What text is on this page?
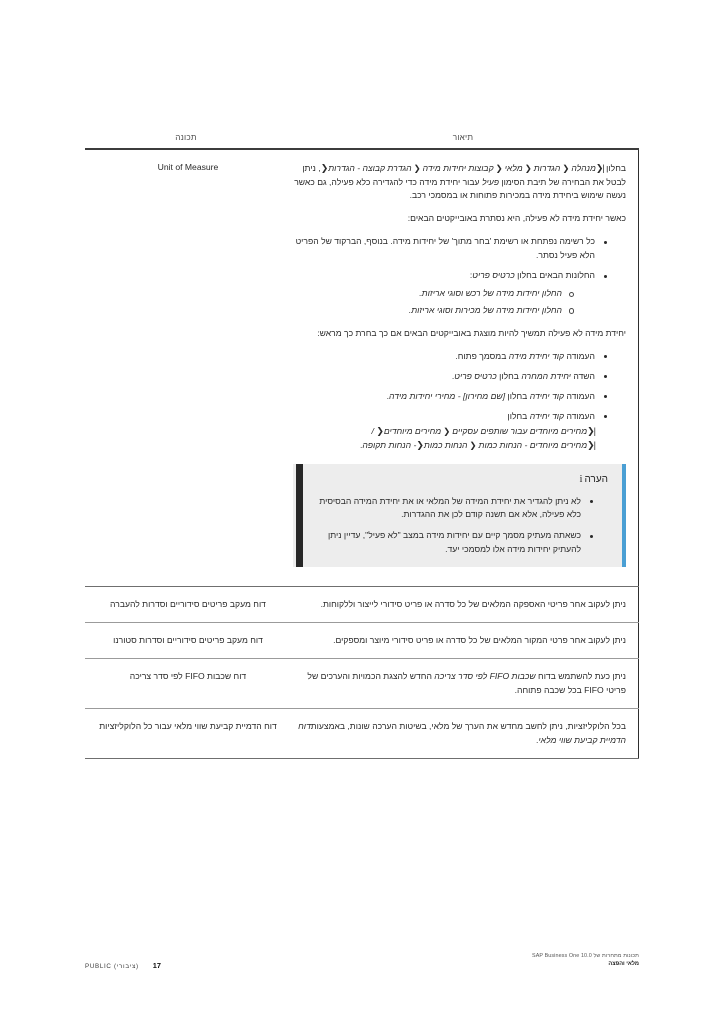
תיאור
תכונה

בחלון |❮מנהלה❮הגדרות❮מלאי❮קבוצות יחידות מידה❮הגדרת קבוצה - הגדרות❮, ניתן לבטל את הבחירה של תיבת הסימון פעיל עבור יחידת מידה כדי להגדירה כלא פעילה, גם כאשר נעשה שימוש ביחידת מידה במכירות פתוחות או במסמכי רכב.

כאשר יחידת מידה לא פעילה, היא נסתרת באובייקטים הבאים:

כל רשימה נפתחת או רשימת 'בחר מתוך' של יחידות מידה. בנוסף, הברקוד של הפריט הלא פעיל נסתר.
החלונות הבאים בחלון כרטיס פריט:
החלון יחידות מידה של רכש וסוגי אריזות.
החלון יחידות מידה של מכירות וסוגי אריזות.

יחידת מידה לא פעילה תמשיך להיות מוצגת באובייקטים הבאים אם כך בחרת כך מראש:

העמודה קוד יחידת מידה במסמך פתוח.
השדה יחידת המחרה בחלון כרטיס פריט.
העמודה קוד יחידה בחלון [שם מחירון] - מחירי יחידות מידה.
העמודה קוד יחידה בחלון |❮מחירים מיוחדים עבור שותפים עסקיים❮מחירים מיוחדים❮ / |❮מחירים מיוחדים - הנחות כמות❮הנחות כמות❮- הנחות תקופה.
הערהi
לא ניתן להגדיר את יחידת המידה של המלאי או את יחידת המידה הבסיסית כלא פעילה, אלא אם תשנה קודם לכן את ההגדרות.
כשאתה מעתיק מסמך קיים עם יחידות מידה במצב "לא פעיל", עדיין ניתן להעתיק יחידות מידה אלו למסמכי יעד.
Unit of Measure

ניתן לעקוב אחר פריטי האספקה המלאים של כל סדרה או פריט סידורי לייצור וללקוחות.

דוח מעקב פריטים סידוריים וסדרות להעברה

ניתן לעקוב אחר פרטי המקור המלאים של כל סדרה או פריט סידורי מיוצר ומספקים.

דוח מעקב פריטים סידוריים וסדרות סטורנו

ניתן כעת להשתמש בדוח שכבות FIFO לפי סדר צריכה החדש להצגת הכמויות והערכים של פריטי FIFO בכל שכבה פתוחה.

דוח שכבות FIFO לפי סדר צריכה

בכל הלוקליזציות, ניתן לחשב מחדש את הערך של מלאי, בשיטות הערכה שונות, באמצעותדוח הדמיית קביעת שווי מלאי.

דוח הדמיית קביעת שווי מלאי עבור כל הלוקליזציות
תכונות מתחרות של SAP Business One 10.0
מלאי והפצה
PUBLIC (ציבורי) 17
